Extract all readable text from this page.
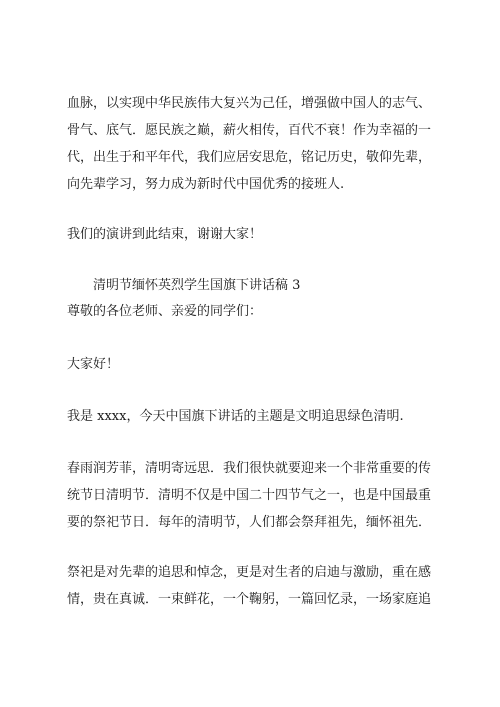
血脉，以实现中华民族伟大复兴为己任，增强做中国人的志气、
骨气、底气．愿民族之巅，薪火相传，百代不衰！作为幸福的一
代，出生于和平年代，我们应居安思危，铭记历史，敬仰先辈，
向先辈学习，努力成为新时代中国优秀的接班人.
我们的演讲到此结束，谢谢大家！
清明节缅怀英烈学生国旗下讲话稿 3
尊敬的各位老师、亲爱的同学们：
大家好！
我是 xxxx，今天中国旗下讲话的主题是文明追思绿色清明.
春雨润芳菲，清明寄远思．我们很快就要迎来一个非常重要的传
统节日清明节．清明不仅是中国二十四节气之一，也是中国最重
要的祭祀节日．每年的清明节，人们都会祭拜祖先，缅怀祖先．
祭祀是对先辈的追思和悼念，更是对生者的启迪与激励，重在感
情，贵在真诚．一束鲜花，一个鞠躬，一篇回忆录，一场家庭追
